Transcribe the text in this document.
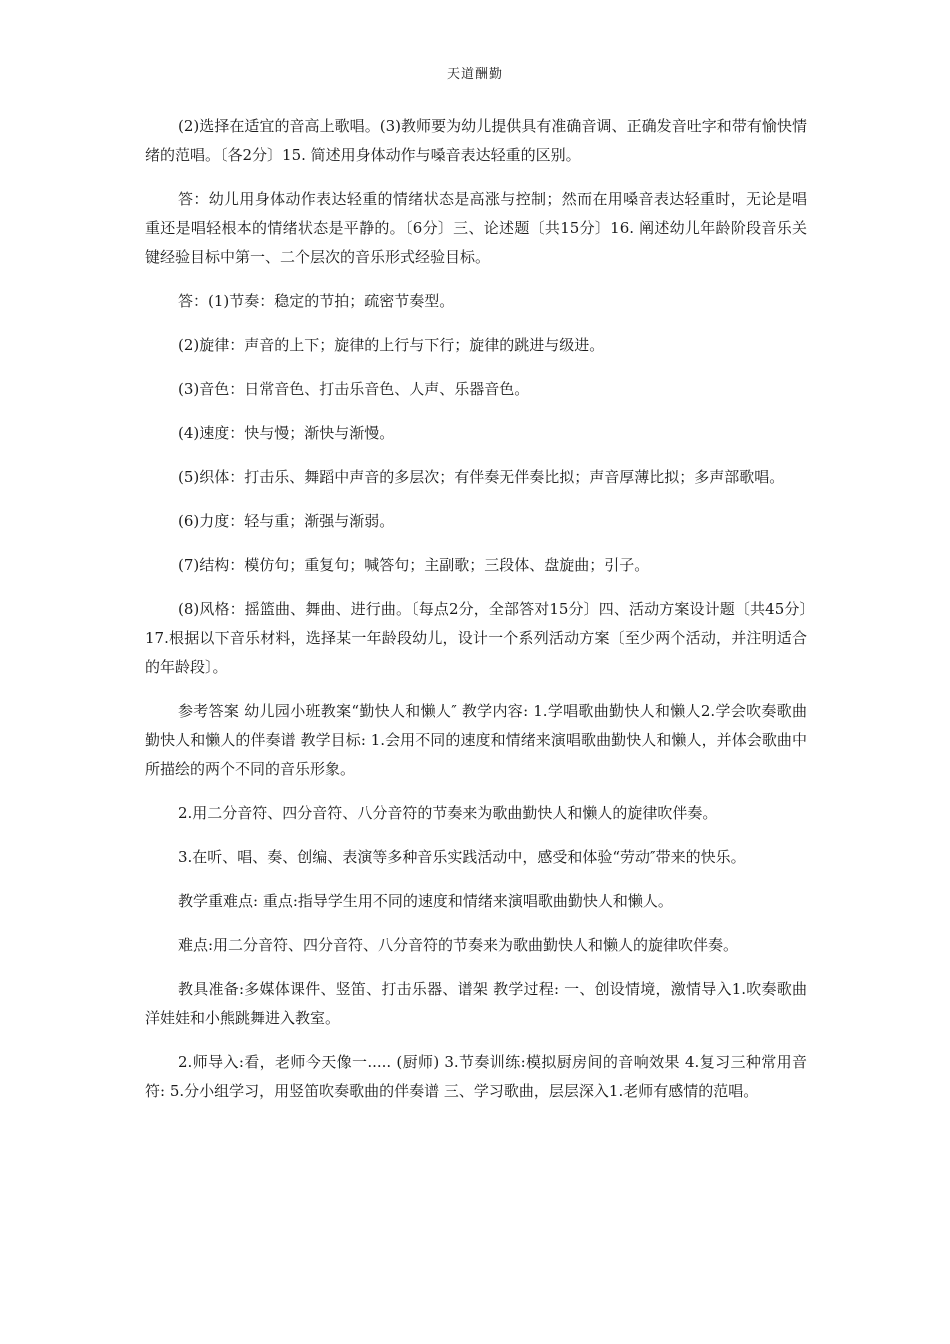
天道酬勤

(2)选择在适宜的音高上歌唱。(3)教师要为幼儿提供具有准确音调、正确发音吐字和带有愉快情绪的范唱。〔各2分〕15. 简述用身体动作与嗓音表达轻重的区别。

答：幼儿用身体动作表达轻重的情绪状态是高涨与控制；然而在用嗓音表达轻重时，无论是唱重还是唱轻根本的情绪状态是平静的。〔6分〕三、论述题〔共15分〕16. 阐述幼儿年龄阶段音乐关键经验目标中第一、二个层次的音乐形式经验目标。

答：(1)节奏：稳定的节拍；疏密节奏型。

(2)旋律：声音的上下；旋律的上行与下行；旋律的跳进与级进。

(3)音色：日常音色、打击乐音色、人声、乐器音色。

(4)速度：快与慢；渐快与渐慢。

(5)织体：打击乐、舞蹈中声音的多层次；有伴奏无伴奏比拟；声音厚薄比拟；多声部歌唱。

(6)力度：轻与重；渐强与渐弱。

(7)结构：模仿句；重复句；喊答句；主副歌；三段体、盘旋曲；引子。

(8)风格：摇篮曲、舞曲、进行曲。〔每点2分，全部答对15分〕四、活动方案设计题〔共45分〕17.根据以下音乐材料，选择某一年龄段幼儿，设计一个系列活动方案〔至少两个活动，并注明适合的年龄段〕。

参考答案 幼儿园小班教案“勤快人和懒人″ 教学内容: 1.学唱歌曲勤快人和懒人2.学会吹奏歌曲勤快人和懒人的伴奏谱 教学目标: 1.会用不同的速度和情绪来演唱歌曲勤快人和懒人，并体会歌曲中所描绘的两个不同的音乐形象。

2.用二分音符、四分音符、八分音符的节奏来为歌曲勤快人和懒人的旋律吹伴奏。

3.在听、唱、奏、创编、表演等多种音乐实践活动中，感受和体验“劳动″带来的快乐。

教学重难点: 重点:指导学生用不同的速度和情绪来演唱歌曲勤快人和懒人。

难点:用二分音符、四分音符、八分音符的节奏来为歌曲勤快人和懒人的旋律吹伴奏。

教具准备:多媒体课件、竖笛、打击乐器、谱架 教学过程: 一、创设情境，激情导入1.吹奏歌曲洋娃娃和小熊跳舞进入教室。

2.师导入:看，老师今天像一..... (厨师) 3.节奏训练:模拟厨房间的音响效果 4.复习三种常用音符: 5.分小组学习，用竖笛吹奏歌曲的伴奏谱 三、学习歌曲，层层深入1.老师有感情的范唱。
